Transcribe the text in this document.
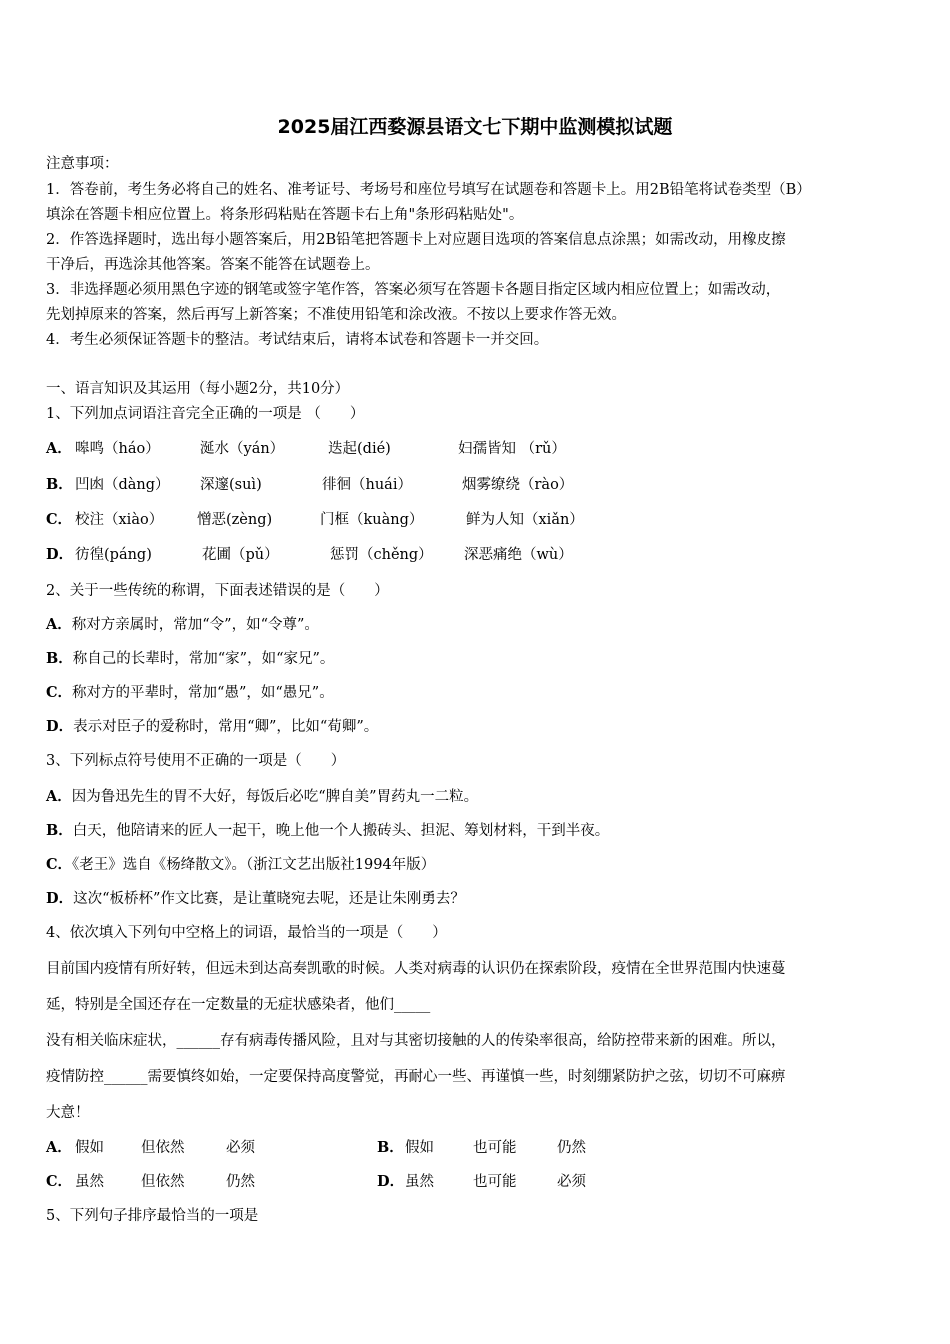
2025届江西婺源县语文七下期中监测模拟试题
注意事项：
1．答卷前，考生务必将自己的姓名、准考证号、考场号和座位号填写在试题卷和答题卡上。用2B铅笔将试卷类型（B）
填涂在答题卡相应位置上。将条形码粘贴在答题卡右上角"条形码粘贴处"。
2．作答选择题时，选出每小题答案后，用2B铅笔把答题卡上对应题目选项的答案信息点涂黑；如需改动，用橡皮擦
干净后，再选涂其他答案。答案不能答在试题卷上。
3．非选择题必须用黑色字迹的钢笔或签字笔作答，答案必须写在答题卡各题目指定区域内相应位置上；如需改动，
先划掉原来的答案，然后再写上新答案；不准使用铅笔和涂改液。不按以上要求作答无效。
4．考生必须保证答题卡的整洁。考试结束后，请将本试卷和答题卡一并交回。
一、语言知识及其运用（每小题2分，共10分）
1、下列加点词语注音完全正确的一项是 （　　）
A． 嗥鸣（háo）	涎水（yán）	迭起(dié)	妇孺皆知 （rǔ）
B． 凹凼（dàng） 深邃(suì)	徘徊（huái）	烟雾缭绕（rào）
C． 校注（xiào） 憎恶(zèng)	门框（kuàng）	鲜为人知（xiǎn）
D． 彷徨(páng)	花圃（pǔ）	惩罚（chěng） 深恶痛绝（wù）
2、关于一些传统的称谓，下面表述错误的是（　　）
A．称对方亲属时，常加“令”，如“令尊”。
B．称自己的长辈时，常加“家”，如“家兄”。
C．称对方的平辈时，常加“愚”，如“愚兄”。
D．表示对臣子的爱称时，常用“卿”，比如“荀卿”。
3、下列标点符号使用不正确的一项是（　　）
A．因为鲁迅先生的胃不大好，每饭后必吃“脾自美”胃药丸一二粒。
B．白天，他陪请来的匠人一起干，晚上他一个人搬砖头、担泥、筹划材料，干到半夜。
C．《老王》选自《杨绛散文》。（浙江文艺出版社1994年版）
D．这次“板桥杯”作文比赛，是让董晓宛去呢，还是让朱刚勇去？
4、依次填入下列句中空格上的词语，最恰当的一项是（　　）
目前国内疫情有所好转，但远未到达高奏凯歌的时候。人类对病毒的认识仍在探索阶段，疫情在全世界范围内快速蔓
延，特别是全国还存在一定数量的无症状感染者，他们_____
没有相关临床症状，______存有病毒传播风险，且对与其密切接触的人的传染率很高，给防控带来新的困难。所以，
疫情防控______需要慎终如始，一定要保持高度警觉，再耐心一些、再谨慎一些，时刻绷紧防护之弦，切切不可麻痹
大意！
A． 假如	但依然	必须	B． 假如	也可能	仍然
C． 虽然	但依然	仍然	D． 虽然	也可能	必须
5、下列句子排序最恰当的一项是
